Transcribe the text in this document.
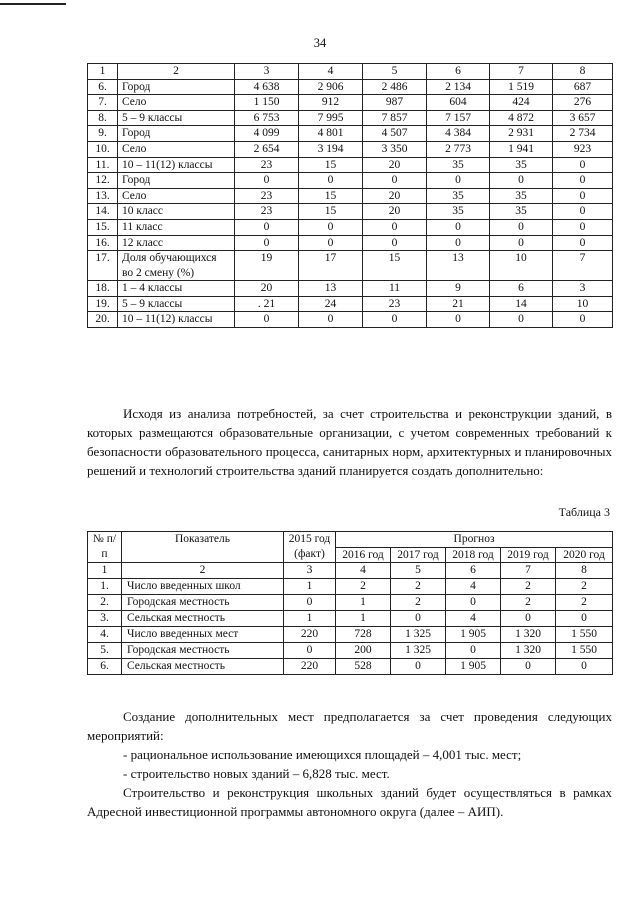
34
1	2	3	4	5	6	7	8
6.	Город	4 638	2 906	2 486	2 134	1 519	687
7.	Село	1 150	912	987	604	424	276
8.	5 – 9 классы	6 753	7 995	7 857	7 157	4 872	3 657
9.	Город	4 099	4 801	4 507	4 384	2 931	2 734
10.	Село	2 654	3 194	3 350	2 773	1 941	923
11.	10 – 11(12) классы	23	15	20	35	35	0
12.	Город	0	0	0	0	0	0
13.	Село	23	15	20	35	35	0
14.	10 класс	23	15	20	35	35	0
15.	11 класс	0	0	0	0	0	0
16.	12 класс	0	0	0	0	0	0
17.	Доля обучающихся во 2 смену (%)	19	17	15	13	10	7
18.	1 – 4 классы	20	13	11	9	6	3
19.	5 – 9 классы	. 21	24	23	21	14	10
20.	10 – 11(12) классы	0	0	0	0	0	0

Исходя из анализа потребностей, за счет строительства и реконструкции зданий, в которых размещаются образовательные организации, с учетом современных требований к безопасности образовательного процесса, санитарных норм, архитектурных и планировочных решений и технологий строительства зданий планируется создать дополнительно:

Таблица 3
№ п/п	Показатель	2015 год (факт)	Прогноз				
			2016 год	2017 год	2018 год	2019 год	2020 год
1	2	3	4	5	6	7	8
1.	Число введенных школ	1	2	2	4	2	2
2.	Городская местность	0	1	2	0	2	2
3.	Сельская местность	1	1	0	4	0	0
4.	Число введенных мест	220	728	1 325	1 905	1 320	1 550
5.	Городская местность	0	200	1 325	0	1 320	1 550
6.	Сельская местность	220	528	0	1 905	0	0

Создание дополнительных мест предполагается за счет проведения следующих мероприятий:

- рациональное использование имеющихся площадей – 4,001 тыс. мест;

- строительство новых зданий – 6,828 тыс. мест.

Строительство и реконструкция школьных зданий будет осуществляться в рамках Адресной инвестиционной программы автономного округа (далее – АИП).
